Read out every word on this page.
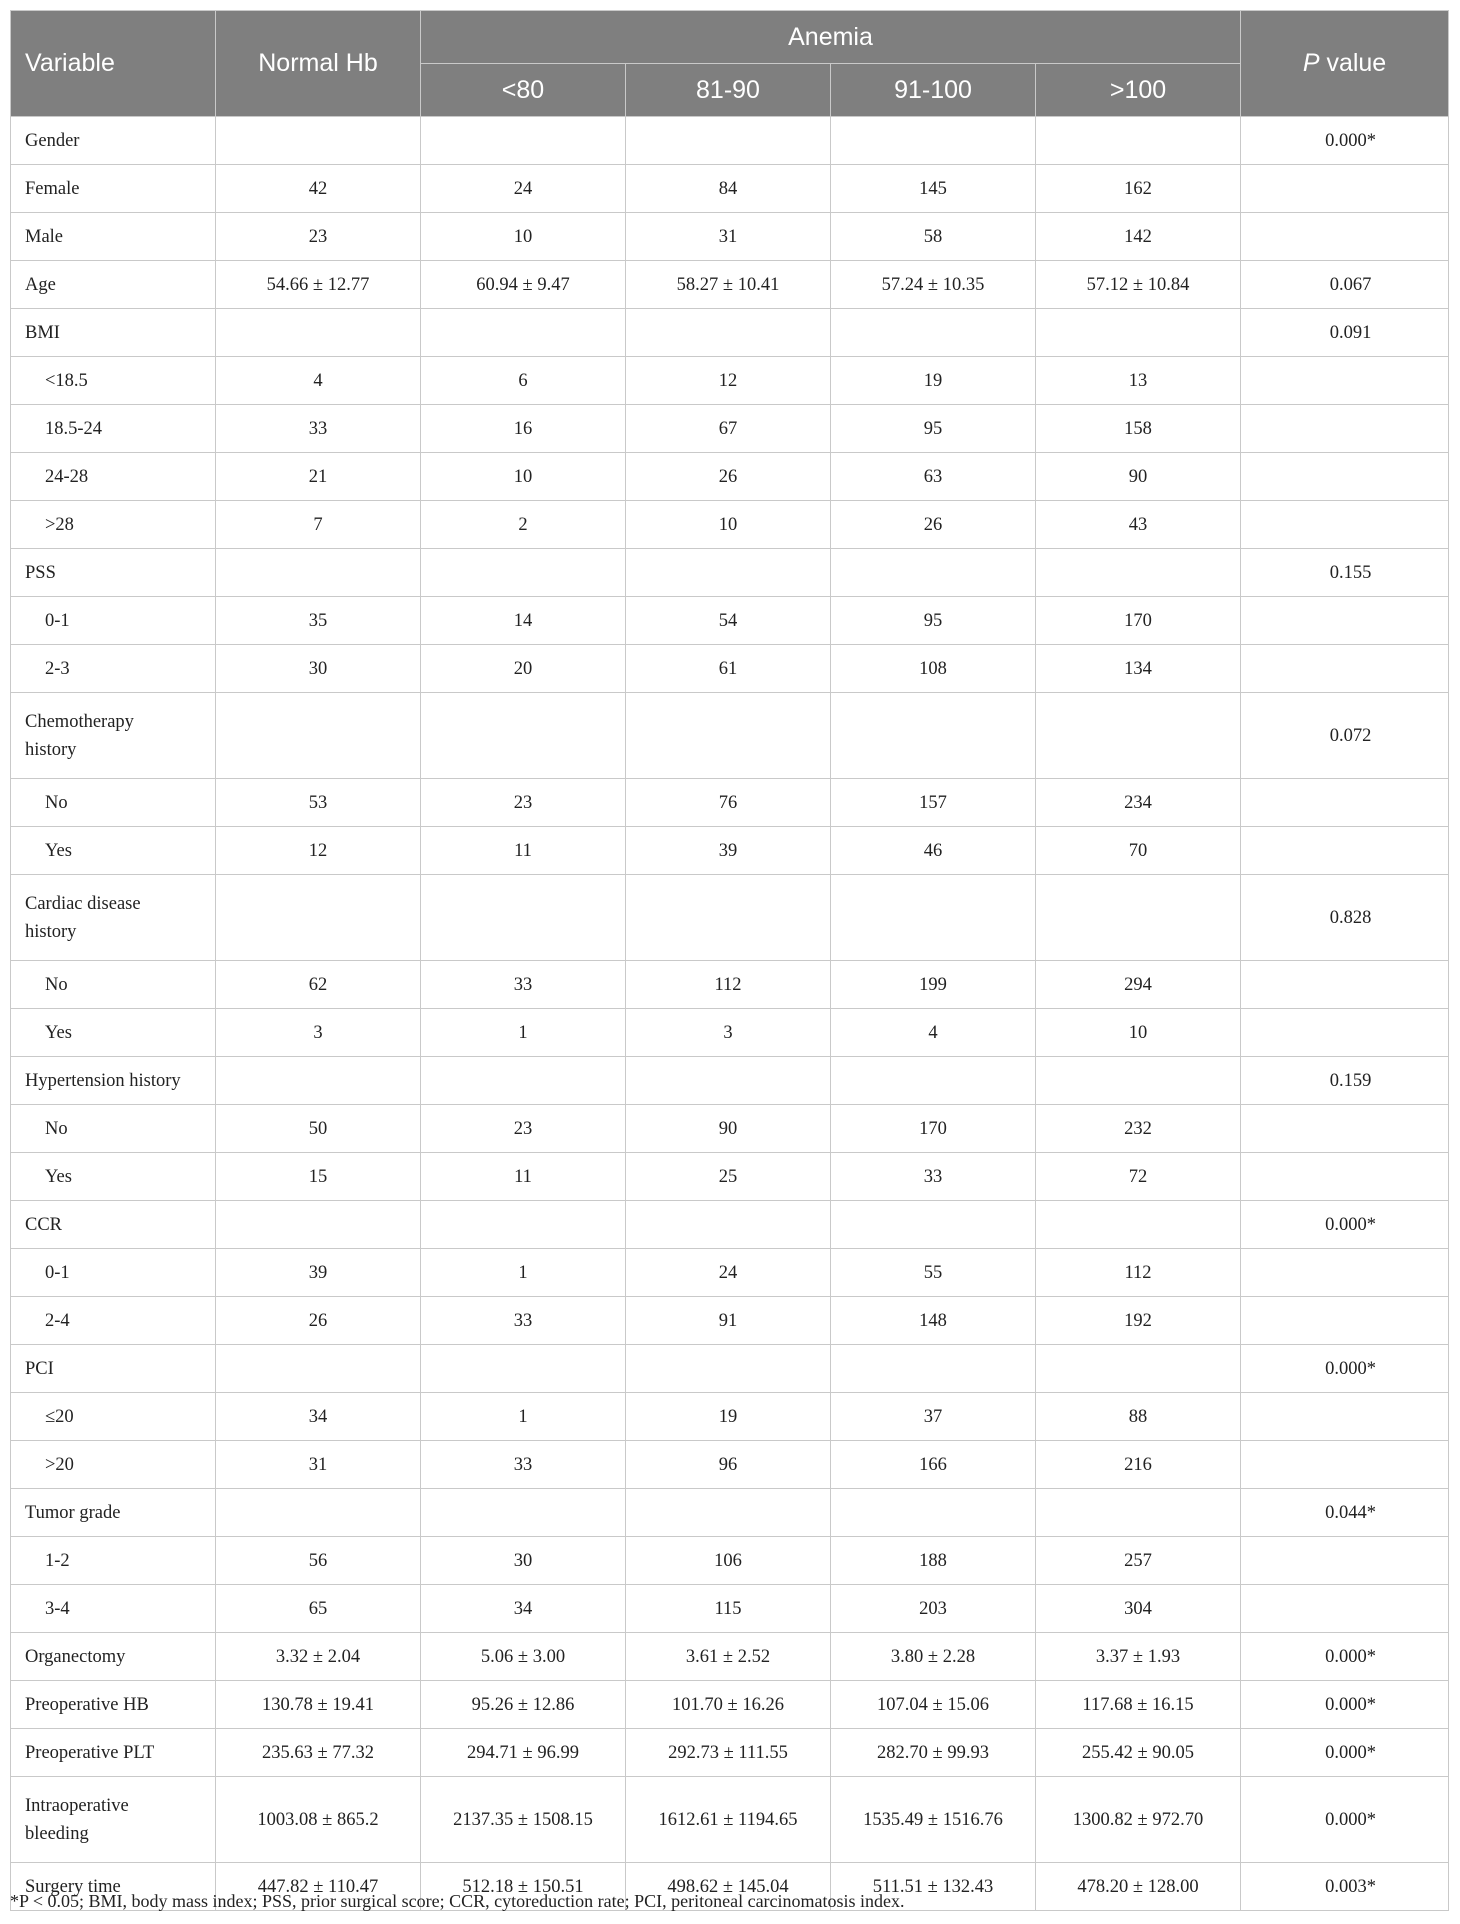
Variable	Normal Hb	Anemia				P value
		<80	81-90	91-100	>100	
Gender						0.000*
Female	42	24	84	145	162	
Male	23	10	31	58	142	
Age	54.66 ± 12.77	60.94 ± 9.47	58.27 ± 10.41	57.24 ± 10.35	57.12 ± 10.84	0.067
BMI						0.091
<18.5	4	6	12	19	13	
18.5-24	33	16	67	95	158	
24-28	21	10	26	63	90	
>28	7	2	10	26	43	
PSS						0.155
0-1	35	14	54	95	170	
2-3	30	20	61	108	134	
Chemotherapy
history						0.072
No	53	23	76	157	234	
Yes	12	11	39	46	70	
Cardiac disease
history						0.828
No	62	33	112	199	294	
Yes	3	1	3	4	10	
Hypertension history						0.159
No	50	23	90	170	232	
Yes	15	11	25	33	72	
CCR						0.000*
0-1	39	1	24	55	112	
2-4	26	33	91	148	192	
PCI						0.000*
≤20	34	1	19	37	88	
>20	31	33	96	166	216	
Tumor grade						0.044*
1-2	56	30	106	188	257	
3-4	65	34	115	203	304	
Organectomy	3.32 ± 2.04	5.06 ± 3.00	3.61 ± 2.52	3.80 ± 2.28	3.37 ± 1.93	0.000*
Preoperative HB	130.78 ± 19.41	95.26 ± 12.86	101.70 ± 16.26	107.04 ± 15.06	117.68 ± 16.15	0.000*
Preoperative PLT	235.63 ± 77.32	294.71 ± 96.99	292.73 ± 111.55	282.70 ± 99.93	255.42 ± 90.05	0.000*
Intraoperative
bleeding	1003.08 ± 865.2	2137.35 ± 1508.15	1612.61 ± 1194.65	1535.49 ± 1516.76	1300.82 ± 972.70	0.000*
Surgery time	447.82 ± 110.47	512.18 ± 150.51	498.62 ± 145.04	511.51 ± 132.43	478.20 ± 128.00	0.003*
*P < 0.05; BMI, body mass index; PSS, prior surgical score; CCR, cytoreduction rate; PCI, peritoneal carcinomatosis index.
